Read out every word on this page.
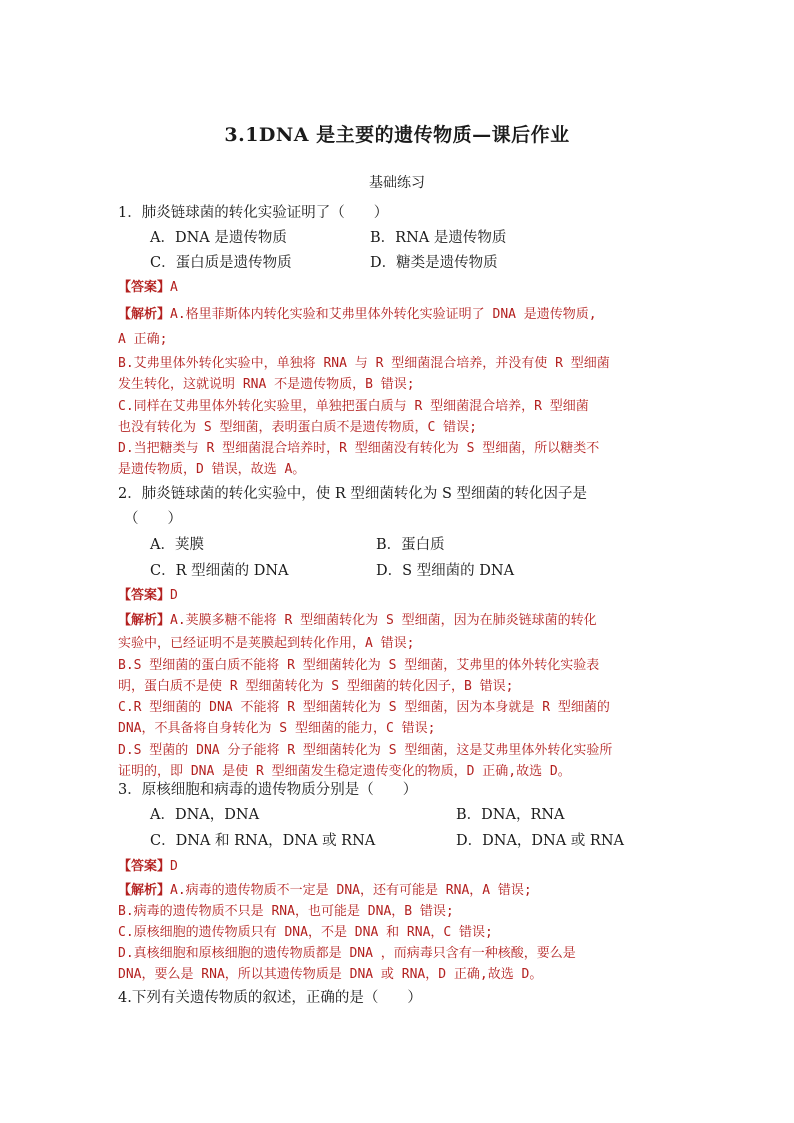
3.1DNA 是主要的遗传物质—课后作业
基础练习
1．肺炎链球菌的转化实验证明了（　　）
A．DNA 是遗传物质	B．RNA 是遗传物质
C．蛋白质是遗传物质	D．糖类是遗传物质
【答案】A
【解析】A.格里菲斯体内转化实验和艾弗里体外转化实验证明了 DNA 是遗传物质,
A 正确;
B.艾弗里体外转化实验中，单独将 RNA 与 R 型细菌混合培养，并没有使 R 型细菌
发生转化，这就说明 RNA 不是遗传物质，B 错误;
C.同样在艾弗里体外转化实验里，单独把蛋白质与 R 型细菌混合培养，R 型细菌
也没有转化为 S 型细菌，表明蛋白质不是遗传物质，C 错误;
D.当把糖类与 R 型细菌混合培养时，R 型细菌没有转化为 S 型细菌，所以糖类不
是遗传物质，D 错误，故选 A。
2．肺炎链球菌的转化实验中，使 R 型细菌转化为 S 型细菌的转化因子是
（　　）
A．荚膜	B．蛋白质
C．R 型细菌的 DNA	D．S 型细菌的 DNA
【答案】D
【解析】A.荚膜多糖不能将 R 型细菌转化为 S 型细菌，因为在肺炎链球菌的转化
实验中，已经证明不是荚膜起到转化作用，A 错误;
B.S 型细菌的蛋白质不能将 R 型细菌转化为 S 型细菌，艾弗里的体外转化实验表
明，蛋白质不是使 R 型细菌转化为 S 型细菌的转化因子，B 错误;
C.R 型细菌的 DNA 不能将 R 型细菌转化为 S 型细菌，因为本身就是 R 型细菌的
DNA，不具备将自身转化为 S 型细菌的能力，C 错误;
D.S 型菌的 DNA 分子能将 R 型细菌转化为 S 型细菌，这是艾弗里体外转化实验所
证明的，即 DNA 是使 R 型细菌发生稳定遗传变化的物质，D 正确,故选 D。
3．原核细胞和病毒的遗传物质分别是（　　）
A．DNA，DNA	B．DNA，RNA
C．DNA 和 RNA，DNA 或 RNA	D．DNA，DNA 或 RNA
【答案】D
【解析】A.病毒的遗传物质不一定是 DNA，还有可能是 RNA，A 错误;
B.病毒的遗传物质不只是 RNA，也可能是 DNA，B 错误;
C.原核细胞的遗传物质只有 DNA，不是 DNA 和 RNA，C 错误;
D.真核细胞和原核细胞的遗传物质都是 DNA ，而病毒只含有一种核酸，要么是
DNA，要么是 RNA，所以其遗传物质是 DNA 或 RNA，D 正确,故选 D。
4.下列有关遗传物质的叙述，正确的是（　　）
